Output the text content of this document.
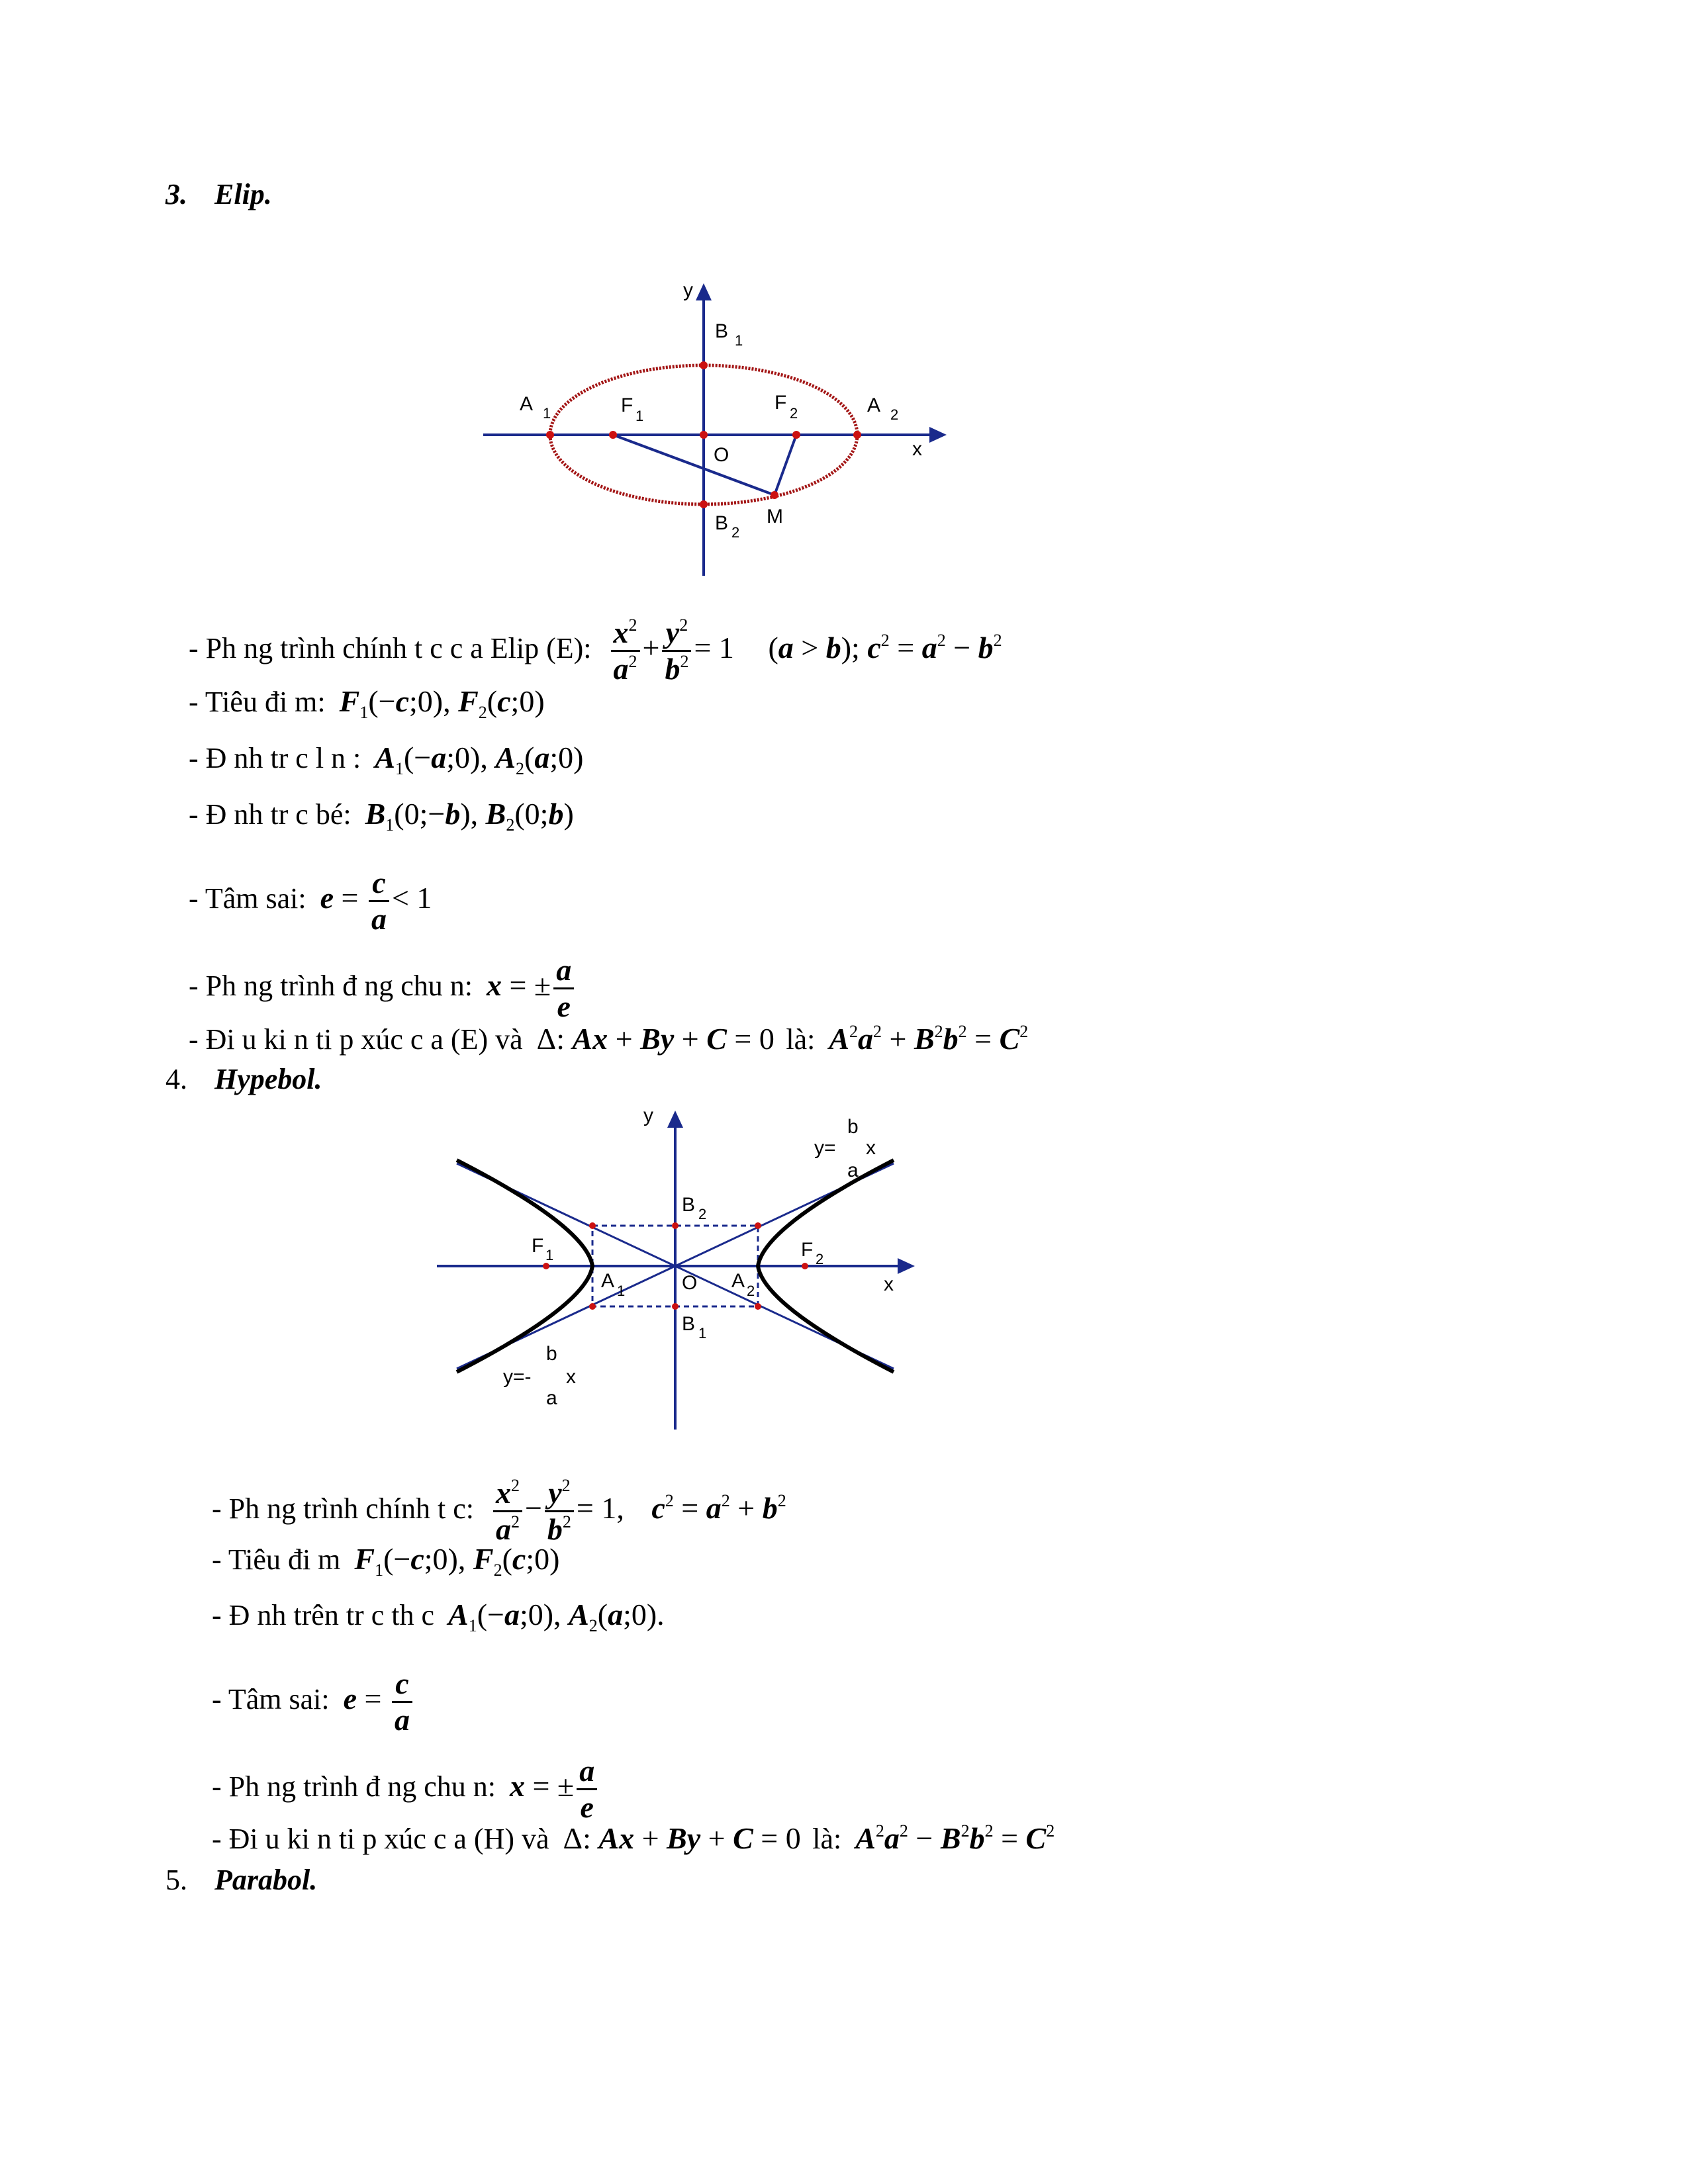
3. Elip.
y
x
B 1
B 2
A 1	A 2
F 1
F 2
O
M
- Ph ng trình chính t c c a Elip (E): $\frac{x^2}{a^2} + \frac{y^2}{b^2} = 1$ (a > b); $c^2 = a^2 - b^2$
- Tiêu đi m: $F_1(-c;0)$, $F_2(c;0)$
- Đ nh tr c l n : $A_1(-a;0)$, $A_2(a;0)$
- Đ nh tr c bé: $B_1(0;-b)$, $B_2(0;b)$
- Tâm sai: $e = \frac{c}{a} < 1$
- Ph ng trình đ ng chu n: x = ± $\frac{a}{e}$
- Đi u ki n ti p xúc c a (E) và Δ: Ax + By + C = 0 là: $A^2a^2 + B^2b^2 = C^2$
4. Hypebol.
y
x
B 2
B 1
F 1	F 2
A 1	A 2
O
b
y= x
a
b
y=- x
a
- Ph ng trình chính t c: $\frac{x^2}{a^2} - \frac{y^2}{b^2} = 1$, $c^2 = a^2 + b^2$
- Tiêu đi m $F_1(-c;0)$, $F_2(c;0)$
- Đ nh trên tr c th c $A_1(-a;0)$, $A_2(a;0)$.
- Tâm sai: $e = \frac{c}{a}$
- Ph ng trình đ ng chu n: x = ± $\frac{a}{e}$
- Đi u ki n ti p xúc c a (H) và Δ: Ax + By + C = 0 là: $A^2a^2 - B^2b^2 = C^2$
5. Parabol.
